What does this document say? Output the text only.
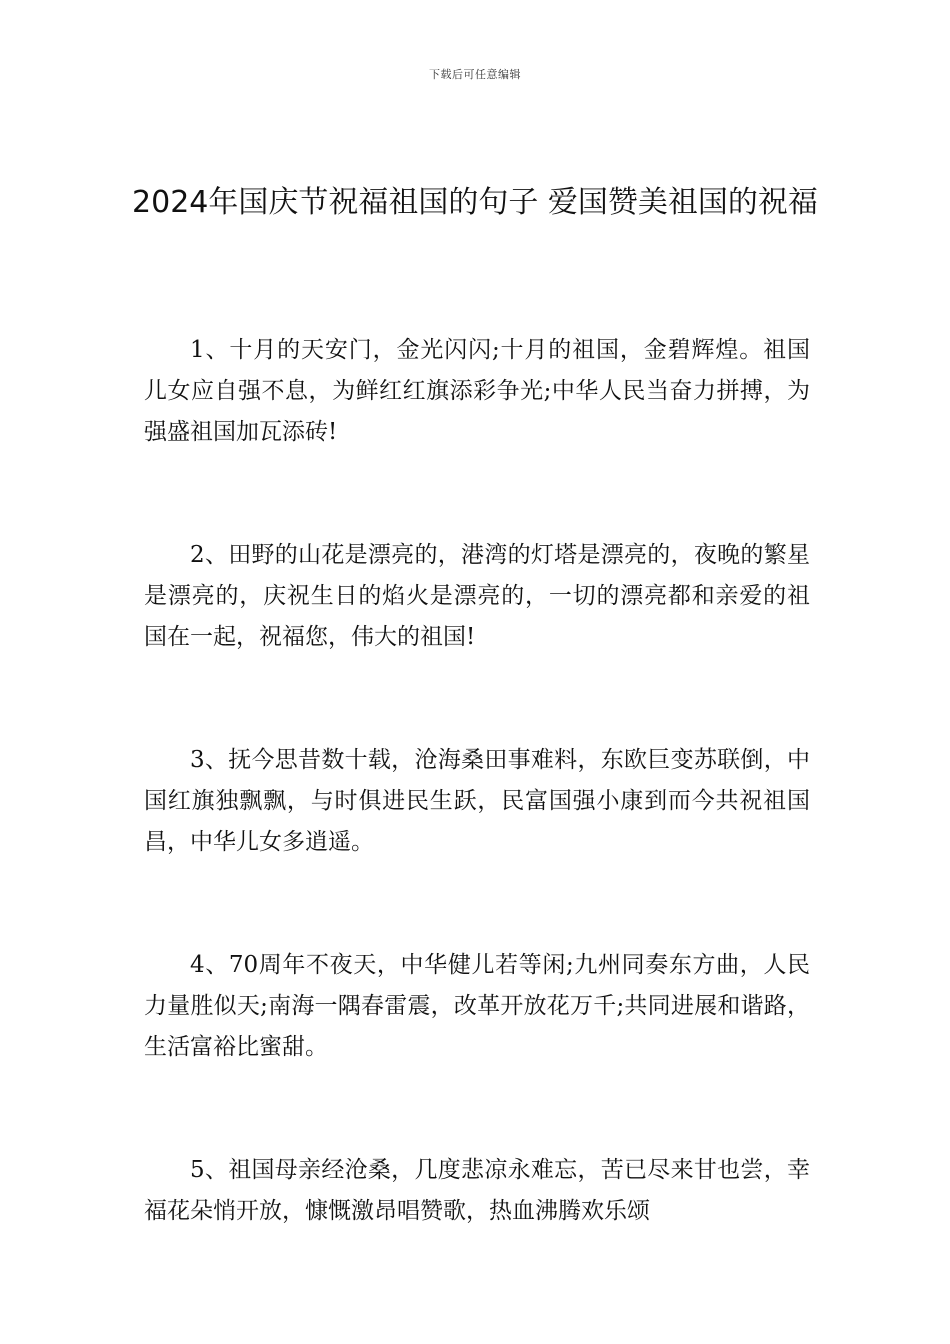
下载后可任意编辑
2024年国庆节祝福祖国的句子 爱国赞美祖国的祝福

1、十月的天安门，金光闪闪;十月的祖国，金碧辉煌。祖国儿女应自强不息，为鲜红红旗添彩争光;中华人民当奋力拼搏，为强盛祖国加瓦添砖!

2、田野的山花是漂亮的，港湾的灯塔是漂亮的，夜晚的繁星是漂亮的，庆祝生日的焰火是漂亮的，一切的漂亮都和亲爱的祖国在一起，祝福您，伟大的祖国!

3、抚今思昔数十载，沧海桑田事难料，东欧巨变苏联倒，中国红旗独飘飘，与时俱进民生跃，民富国强小康到而今共祝祖国昌，中华儿女多逍遥。

4、70周年不夜天，中华健儿若等闲;九州同奏东方曲，人民力量胜似天;南海一隅春雷震，改革开放花万千;共同进展和谐路，生活富裕比蜜甜。

5、祖国母亲经沧桑，几度悲凉永难忘，苦已尽来甘也尝，幸福花朵悄开放，慷慨激昂唱赞歌，热血沸腾欢乐颂
